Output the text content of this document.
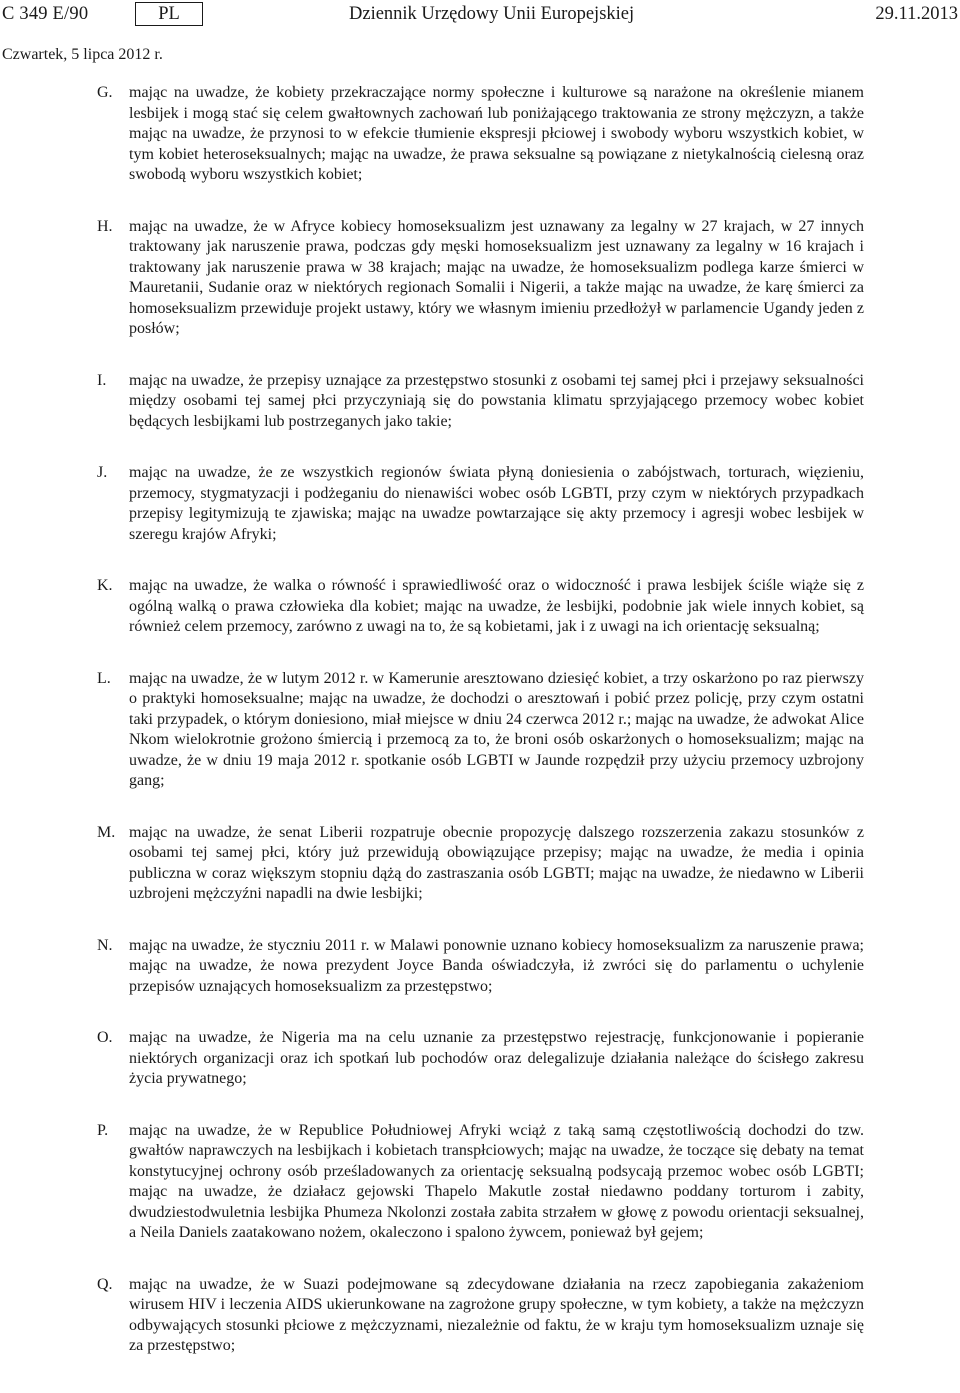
C 349 E/90	PL	Dziennik Urzędowy Unii Europejskiej	29.11.2013
Czwartek, 5 lipca 2012 r.
G. mając na uwadze, że kobiety przekraczające normy społeczne i kulturowe są narażone na określenie mianem lesbijek i mogą stać się celem gwałtownych zachowań lub poniżającego traktowania ze strony mężczyzn, a także mając na uwadze, że przynosi to w efekcie tłumienie ekspresji płciowej i swobody wyboru wszystkich kobiet, w tym kobiet heteroseksualnych; mając na uwadze, że prawa seksualne są powiązane z nietykalnością cielesną oraz swobodą wyboru wszystkich kobiet;
H. mając na uwadze, że w Afryce kobiecy homoseksualizm jest uznawany za legalny w 27 krajach, w 27 innych traktowany jak naruszenie prawa, podczas gdy męski homoseksualizm jest uznawany za legalny w 16 krajach i traktowany jak naruszenie prawa w 38 krajach; mając na uwadze, że homoseksualizm podlega karze śmierci w Mauretanii, Sudanie oraz w niektórych regionach Somalii i Nigerii, a także mając na uwadze, że karę śmierci za homoseksualizm przewiduje projekt ustawy, który we własnym imieniu przedłożył w parlamencie Ugandy jeden z posłów;
I. mając na uwadze, że przepisy uznające za przestępstwo stosunki z osobami tej samej płci i przejawy seksualności między osobami tej samej płci przyczyniają się do powstania klimatu sprzyjającego przemocy wobec kobiet będących lesbijkami lub postrzeganych jako takie;
J. mając na uwadze, że ze wszystkich regionów świata płyną doniesienia o zabójstwach, torturach, więzieniu, przemocy, stygmatyzacji i podżeganiu do nienawiści wobec osób LGBTI, przy czym w niektórych przypadkach przepisy legitymizują te zjawiska; mając na uwadze powtarzające się akty przemocy i agresji wobec lesbijek w szeregu krajów Afryki;
K. mając na uwadze, że walka o równość i sprawiedliwość oraz o widoczność i prawa lesbijek ściśle wiąże się z ogólną walką o prawa człowieka dla kobiet; mając na uwadze, że lesbijki, podobnie jak wiele innych kobiet, są również celem przemocy, zarówno z uwagi na to, że są kobietami, jak i z uwagi na ich orientację seksualną;
L. mając na uwadze, że w lutym 2012 r. w Kamerunie aresztowano dziesięć kobiet, a trzy oskarżono po raz pierwszy o praktyki homoseksualne; mając na uwadze, że dochodzi o aresztowań i pobić przez policję, przy czym ostatni taki przypadek, o którym doniesiono, miał miejsce w dniu 24 czerwca 2012 r.; mając na uwadze, że adwokat Alice Nkom wielokrotnie grożono śmiercią i przemocą za to, że broni osób oskarżonych o homoseksualizm; mając na uwadze, że w dniu 19 maja 2012 r. spotkanie osób LGBTI w Jaunde rozpędził przy użyciu przemocy uzbrojony gang;
M. mając na uwadze, że senat Liberii rozpatruje obecnie propozycję dalszego rozszerzenia zakazu stosunków z osobami tej samej płci, który już przewidują obowiązujące przepisy; mając na uwadze, że media i opinia publiczna w coraz większym stopniu dążą do zastraszania osób LGBTI; mając na uwadze, że niedawno w Liberii uzbrojeni mężczyźni napadli na dwie lesbijki;
N. mając na uwadze, że styczniu 2011 r. w Malawi ponownie uznano kobiecy homoseksualizm za naruszenie prawa; mając na uwadze, że nowa prezydent Joyce Banda oświadczyła, iż zwróci się do parlamentu o uchylenie przepisów uznających homoseksualizm za przestępstwo;
O. mając na uwadze, że Nigeria ma na celu uznanie za przestępstwo rejestrację, funkcjonowanie i popieranie niektórych organizacji oraz ich spotkań lub pochodów oraz delegalizuje działania należące do ścisłego zakresu życia prywatnego;
P. mając na uwadze, że w Republice Południowej Afryki wciąż z taką samą częstotliwością dochodzi do tzw. gwałtów naprawczych na lesbijkach i kobietach transpłciowych; mając na uwadze, że toczące się debaty na temat konstytucyjnej ochrony osób prześladowanych za orientację seksualną podsycają przemoc wobec osób LGBTI; mając na uwadze, że działacz gejowski Thapelo Makutle został niedawno poddany torturom i zabity, dwudziestodwuletnia lesbijka Phumeza Nkolonzi została zabita strzałem w głowę z powodu orientacji seksualnej, a Neila Daniels zaatakowano nożem, okaleczono i spalono żywcem, ponieważ był gejem;
Q. mając na uwadze, że w Suazi podejmowane są zdecydowane działania na rzecz zapobiegania zakażeniom wirusem HIV i leczenia AIDS ukierunkowane na zagrożone grupy społeczne, w tym kobiety, a także na mężczyzn odbywających stosunki płciowe z mężczyznami, niezależnie od faktu, że w kraju tym homoseksualizm uznaje się za przestępstwo;
